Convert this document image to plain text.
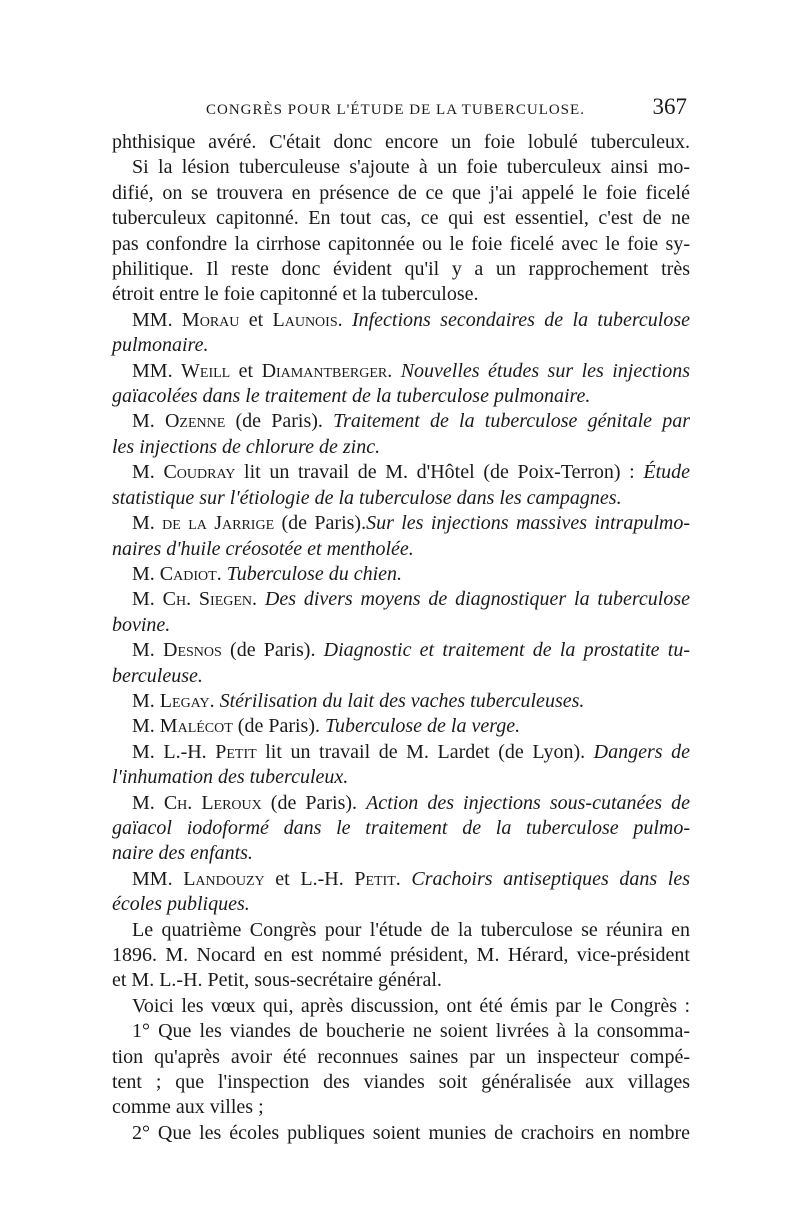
CONGRÈS POUR L'ÉTUDE DE LA TUBERCULOSE.	367
phthisique avéré. C'était donc encore un foie lobulé tuberculeux.
Si la lésion tuberculeuse s'ajoute à un foie tuberculeux ainsi mo-
difié, on se trouvera en présence de ce que j'ai appelé le foie ficelé
tuberculeux capitonné. En tout cas, ce qui est essentiel, c'est de ne
pas confondre la cirrhose capitonnée ou le foie ficelé avec le foie sy-
philitique. Il reste donc évident qu'il y a un rapprochement très
étroit entre le foie capitonné et la tuberculose.
MM. Morau et Launois. Infections secondaires de la tuberculose
pulmonaire.
MM. Weill et Diamantberger. Nouvelles études sur les injections
gaïacolées dans le traitement de la tuberculose pulmonaire.
M. Ozenne (de Paris). Traitement de la tuberculose génitale par
les injections de chlorure de zinc.
M. Coudray lit un travail de M. d'Hôtel (de Poix-Terron) : Étude
statistique sur l'étiologie de la tuberculose dans les campagnes.
M. de la Jarrige (de Paris).Sur les injections massives intrapulmo-
naires d'huile créosotée et mentholée.
M. Cadiot. Tuberculose du chien.
M. Ch. Siegen. Des divers moyens de diagnostiquer la tuberculose
bovine.
M. Desnos (de Paris). Diagnostic et traitement de la prostatite tu-
berculeuse.
M. Legay. Stérilisation du lait des vaches tuberculeuses.
M. Malécot (de Paris). Tuberculose de la verge.
M. L.-H. Petit lit un travail de M. Lardet (de Lyon). Dangers de
l'inhumation des tuberculeux.
M. Ch. Leroux (de Paris). Action des injections sous-cutanées de
gaïacol iodoformé dans le traitement de la tuberculose pulmo-
naire des enfants.
MM. Landouzy et L.-H. Petit. Crachoirs antiseptiques dans les
écoles publiques.
Le quatrième Congrès pour l'étude de la tuberculose se réunira en
1896. M. Nocard en est nommé président, M. Hérard, vice-président
et M. L.-H. Petit, sous-secrétaire général.
Voici les vœux qui, après discussion, ont été émis par le Congrès :
1° Que les viandes de boucherie ne soient livrées à la consomma-
tion qu'après avoir été reconnues saines par un inspecteur compé-
tent ; que l'inspection des viandes soit généralisée aux villages
comme aux villes ;
2° Que les écoles publiques soient munies de crachoirs en nombre
